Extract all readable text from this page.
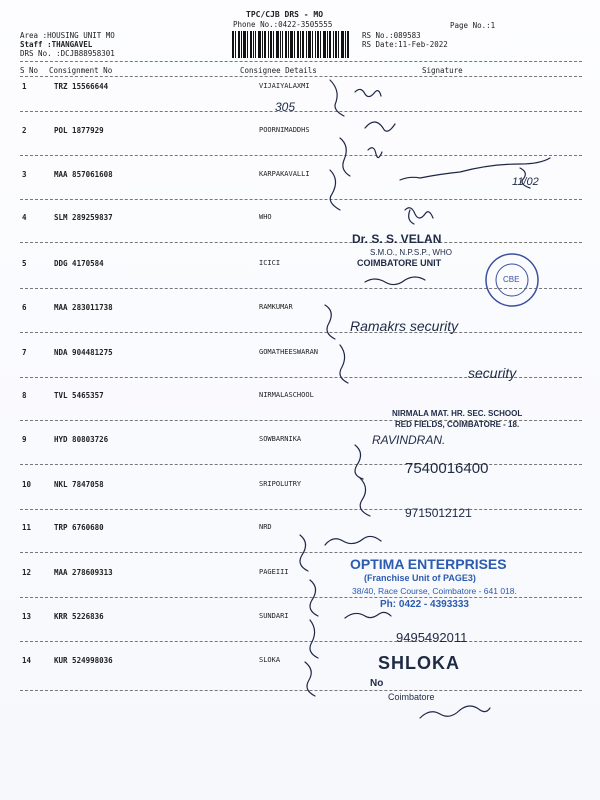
TPC/CJB DRS - MO
Phone No.:0422-3505555	Page No.:1
Area :HOUSING UNIT MO
Staff :THANGAVEL
DRS No. :DCJB88958301
RS No.:089583
RS Date:11-Feb-2022
S No Consignment No	Consignee Details	Signature
1	TRZ 15566644	VIJAIYALAXMI
2	POL 1877929	POORNIMADDHS
3	MAA 857061608	KARPAKAVALLI
4	SLM 289259837	WHO
5	DDG 4170584	ICICI
6	MAA 283011738	RAMKUMAR
7	NDA 904481275	GOMATHEESWARAN
8	TVL 5465357	NIRMALASCHOOL
9	HYD 80803726	SOWBARNIKA
10	NKL 7847058	SRIPOLUTRY
11	TRP 6760680	NRD
12	MAA 278609313	PAGEIII
13	KRR 5226836	SUNDARI
14	KUR 524998036	SLOKA
305
11/02
Ramakrs security
security
RAVINDRAN.
7540016400
9715012121
9495492011
Dr. S. S. VELAN
S.M.O., N.P.S.P., WHO
COIMBATORE UNIT
CBE
NIRMALA MAT. HR. SEC. SCHOOL
RED FIELDS, COIMBATORE - 18.
OPTIMA ENTERPRISES
(Franchise Unit of PAGE3)
38/40, Race Course, Coimbatore - 641 018.
Ph: 0422 - 4393333
SHLOKA
No
Coimbatore
